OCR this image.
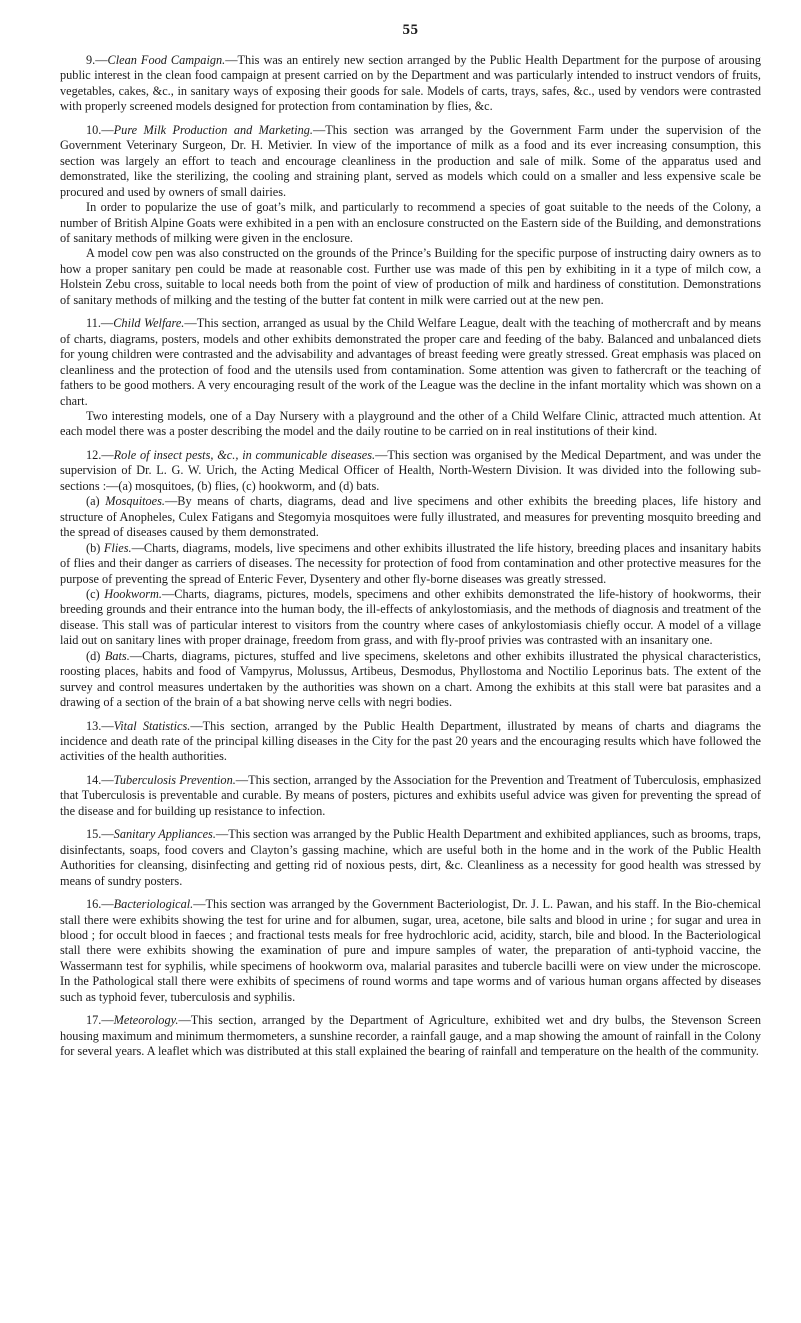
55

9.—Clean Food Campaign.—This was an entirely new section arranged by the Public Health Department for the purpose of arousing public interest in the clean food campaign at present carried on by the Department and was particularly intended to instruct vendors of fruits, vegetables, cakes, &c., in sanitary ways of exposing their goods for sale. Models of carts, trays, safes, &c., used by vendors were contrasted with properly screened models designed for protection from contamination by flies, &c.

10.—Pure Milk Production and Marketing.—This section was arranged by the Government Farm under the supervision of the Government Veterinary Surgeon, Dr. H. Metivier. In view of the importance of milk as a food and its ever increasing consumption, this section was largely an effort to teach and encourage cleanliness in the production and sale of milk. Some of the apparatus used and demonstrated, like the sterilizing, the cooling and straining plant, served as models which could on a smaller and less expensive scale be procured and used by owners of small dairies.

In order to popularize the use of goat’s milk, and particularly to recommend a species of goat suitable to the needs of the Colony, a number of British Alpine Goats were exhibited in a pen with an enclosure constructed on the Eastern side of the Building, and demonstrations of sanitary methods of milking were given in the enclosure.

A model cow pen was also constructed on the grounds of the Prince’s Building for the specific purpose of instructing dairy owners as to how a proper sanitary pen could be made at reasonable cost. Further use was made of this pen by exhibiting in it a type of milch cow, a Holstein Zebu cross, suitable to local needs both from the point of view of production of milk and hardiness of constitution. Demonstrations of sanitary methods of milking and the testing of the butter fat content in milk were carried out at the new pen.

11.—Child Welfare.—This section, arranged as usual by the Child Welfare League, dealt with the teaching of mothercraft and by means of charts, diagrams, posters, models and other exhibits demonstrated the proper care and feeding of the baby. Balanced and unbalanced diets for young children were contrasted and the advisability and advantages of breast feeding were greatly stressed. Great emphasis was placed on cleanliness and the protection of food and the utensils used from contamination. Some attention was given to fathercraft or the teaching of fathers to be good mothers. A very encouraging result of the work of the League was the decline in the infant mortality which was shown on a chart.

Two interesting models, one of a Day Nursery with a playground and the other of a Child Welfare Clinic, attracted much attention. At each model there was a poster describing the model and the daily routine to be carried on in real institutions of their kind.

12.—Role of insect pests, &c., in communicable diseases.—This section was organised by the Medical Department, and was under the supervision of Dr. L. G. W. Urich, the Acting Medical Officer of Health, North-Western Division. It was divided into the following sub-sections :—(a) mosquitoes, (b) flies, (c) hookworm, and (d) bats.

(a) Mosquitoes.—By means of charts, diagrams, dead and live specimens and other exhibits the breeding places, life history and structure of Anopheles, Culex Fatigans and Stegomyia mosquitoes were fully illustrated, and measures for preventing mosquito breeding and the spread of diseases caused by them demonstrated.

(b) Flies.—Charts, diagrams, models, live specimens and other exhibits illustrated the life history, breeding places and insanitary habits of flies and their danger as carriers of diseases. The necessity for protection of food from contamination and other protective measures for the purpose of preventing the spread of Enteric Fever, Dysentery and other fly-borne diseases was greatly stressed.

(c) Hookworm.—Charts, diagrams, pictures, models, specimens and other exhibits demonstrated the life-history of hookworms, their breeding grounds and their entrance into the human body, the ill-effects of ankylostomiasis, and the methods of diagnosis and treatment of the disease. This stall was of particular interest to visitors from the country where cases of ankylostomiasis chiefly occur. A model of a village laid out on sanitary lines with proper drainage, freedom from grass, and with fly-proof privies was contrasted with an insanitary one.

(d) Bats.—Charts, diagrams, pictures, stuffed and live specimens, skeletons and other exhibits illustrated the physical characteristics, roosting places, habits and food of Vampyrus, Molussus, Artibeus, Desmodus, Phyllostoma and Noctilio Leporinus bats. The extent of the survey and control measures undertaken by the authorities was shown on a chart. Among the exhibits at this stall were bat parasites and a drawing of a section of the brain of a bat showing nerve cells with negri bodies.

13.—Vital Statistics.—This section, arranged by the Public Health Department, illustrated by means of charts and diagrams the incidence and death rate of the principal killing diseases in the City for the past 20 years and the encouraging results which have followed the activities of the health authorities.

14.—Tuberculosis Prevention.—This section, arranged by the Association for the Prevention and Treatment of Tuberculosis, emphasized that Tuberculosis is preventable and curable. By means of posters, pictures and exhibits useful advice was given for preventing the spread of the disease and for building up resistance to infection.

15.—Sanitary Appliances.—This section was arranged by the Public Health Department and exhibited appliances, such as brooms, traps, disinfectants, soaps, food covers and Clayton’s gassing machine, which are useful both in the home and in the work of the Public Health Authorities for cleansing, disinfecting and getting rid of noxious pests, dirt, &c. Cleanliness as a necessity for good health was stressed by means of sundry posters.

16.—Bacteriological.—This section was arranged by the Government Bacteriologist, Dr. J. L. Pawan, and his staff. In the Bio-chemical stall there were exhibits showing the test for urine and for albumen, sugar, urea, acetone, bile salts and blood in urine ; for sugar and urea in blood ; for occult blood in faeces ; and fractional tests meals for free hydrochloric acid, acidity, starch, bile and blood. In the Bacteriological stall there were exhibits showing the examination of pure and impure samples of water, the preparation of anti-typhoid vaccine, the Wassermann test for syphilis, while specimens of hookworm ova, malarial parasites and tubercle bacilli were on view under the microscope. In the Pathological stall there were exhibits of specimens of round worms and tape worms and of various human organs affected by diseases such as typhoid fever, tuberculosis and syphilis.

17.—Meteorology.—This section, arranged by the Department of Agriculture, exhibited wet and dry bulbs, the Stevenson Screen housing maximum and minimum thermometers, a sunshine recorder, a rainfall gauge, and a map showing the amount of rainfall in the Colony for several years. A leaflet which was distributed at this stall explained the bearing of rainfall and temperature on the health of the community.
